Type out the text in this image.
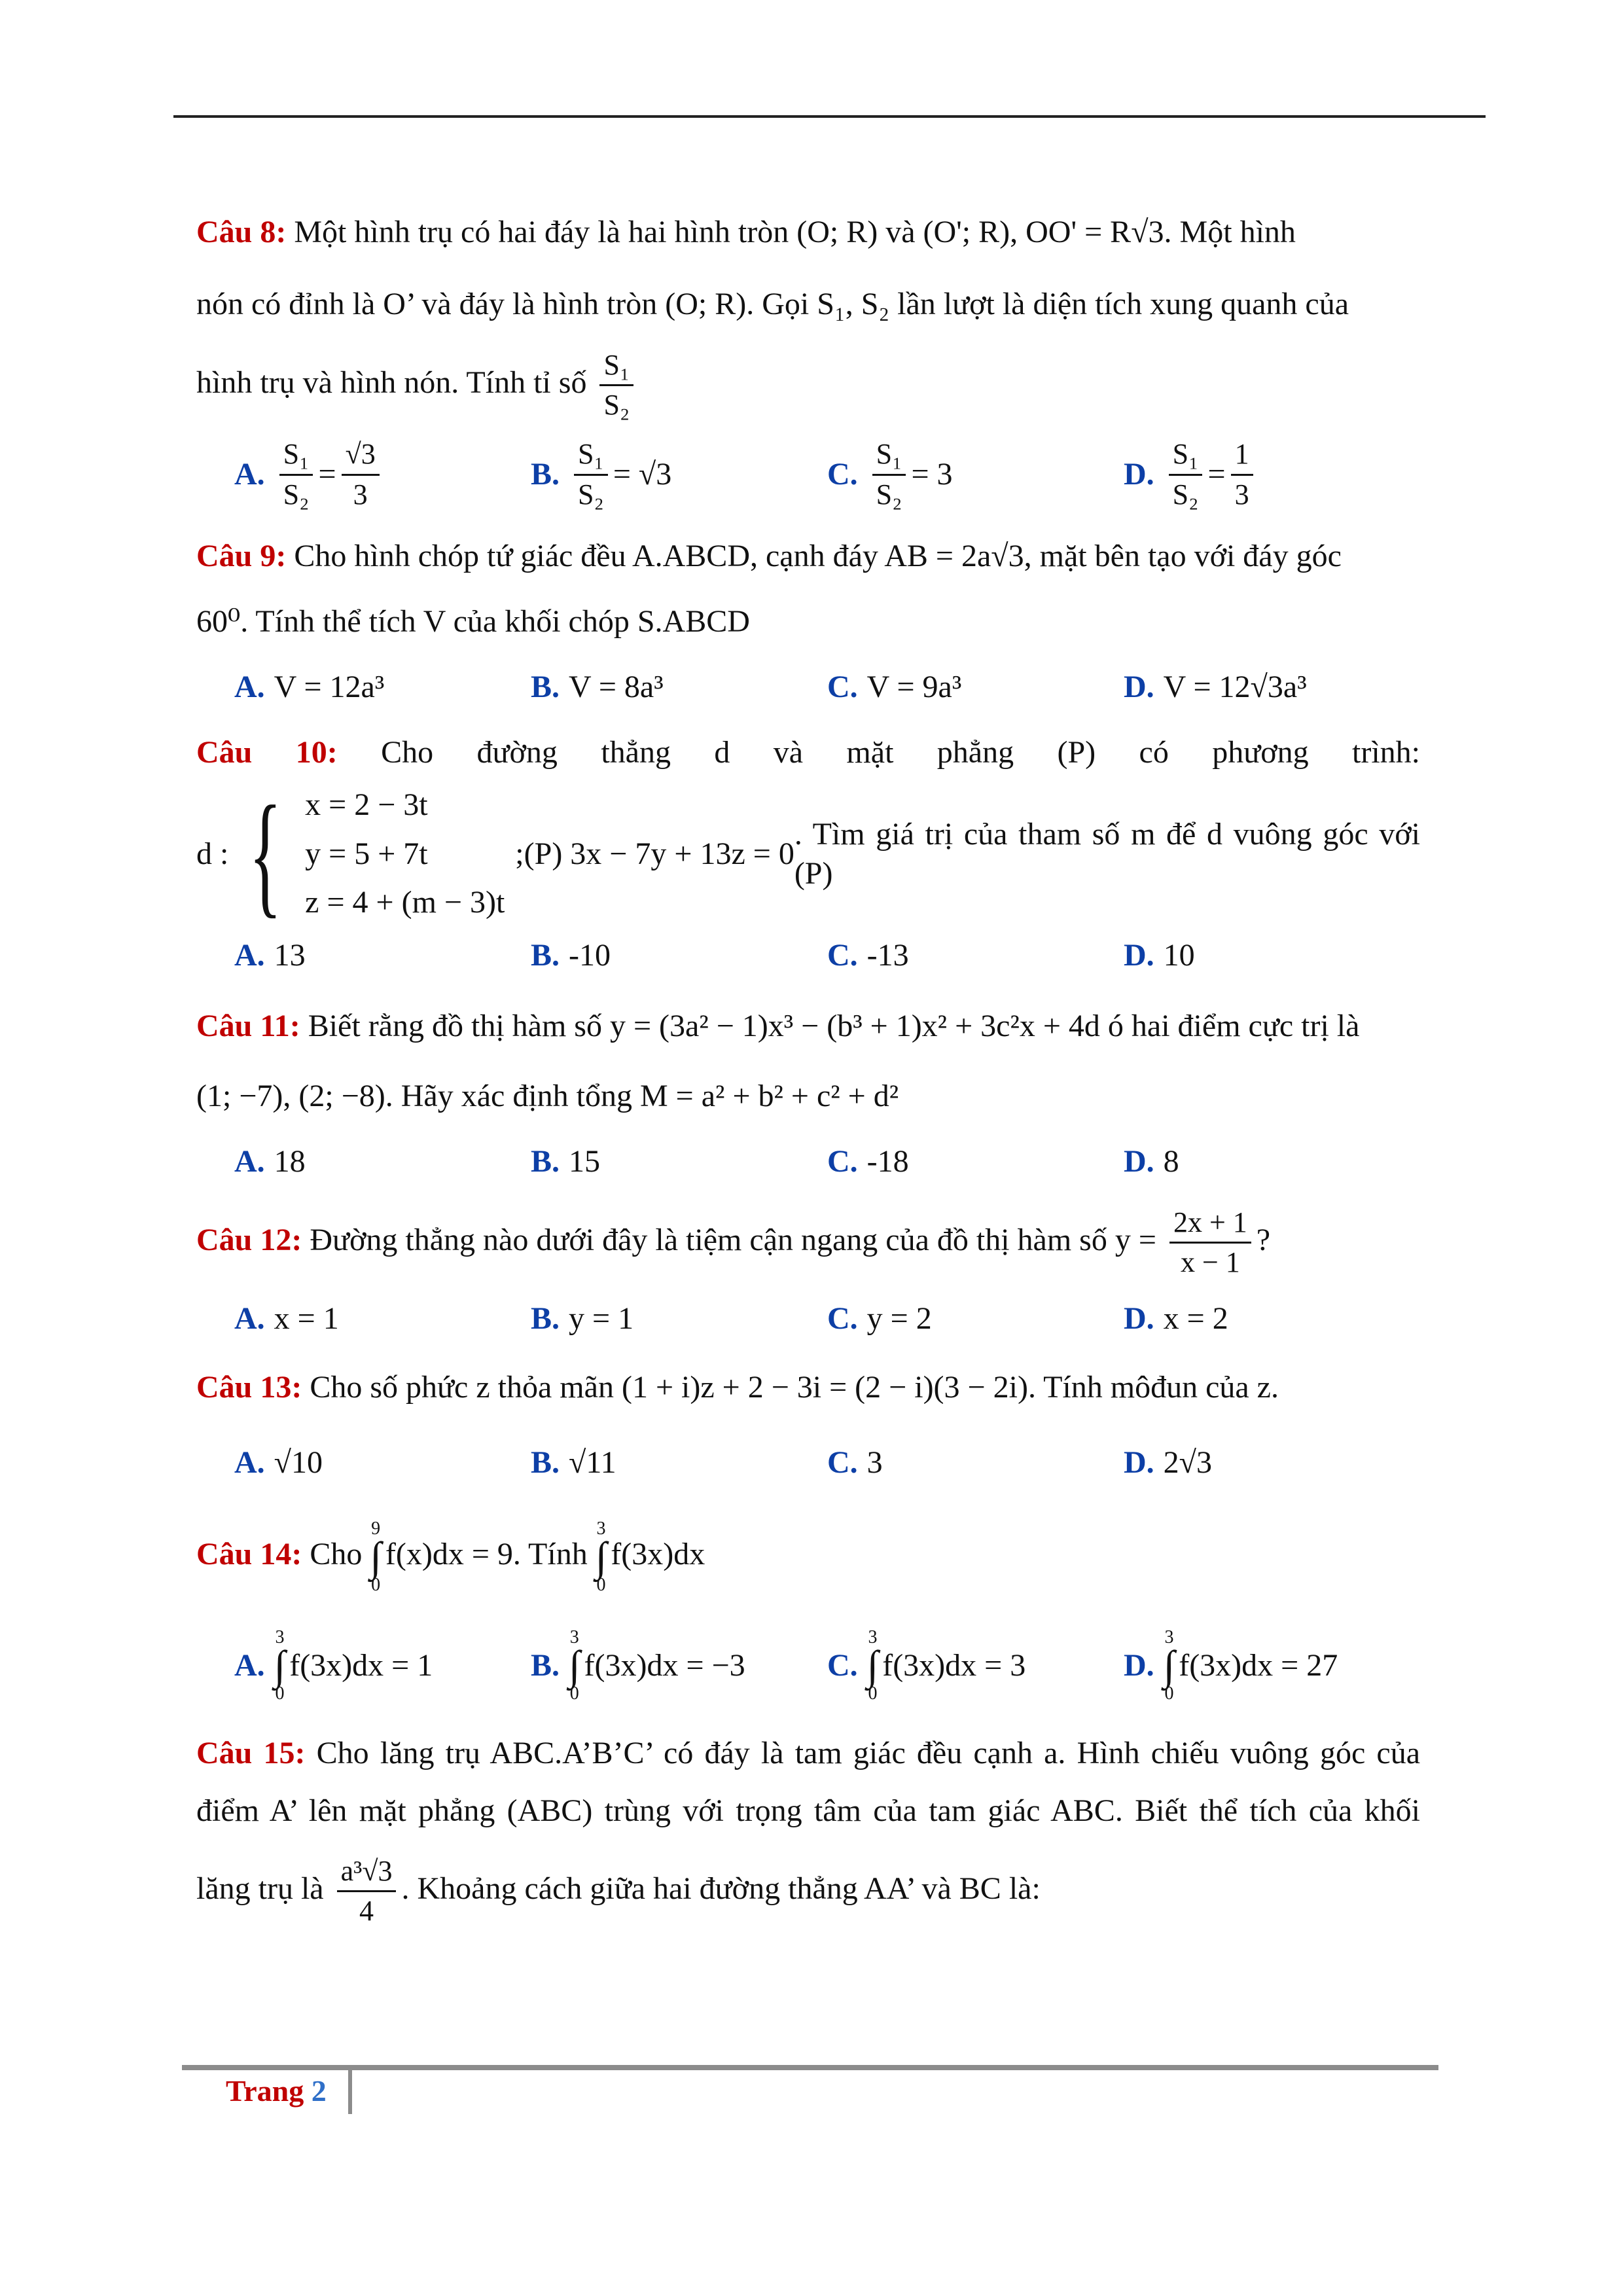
Câu 8: Một hình trụ có hai đáy là hai hình tròn (O; R) và (O'; R), OO' = R√3. Một hình
nón có đỉnh là O’ và đáy là hình tròn (O; R). Gọi S₁, S₂ lần lượt là diện tích xung quanh của
hình trụ và hình nón. Tính tỉ số $\frac{\text{S₁}}{\text{S₂}}$
A. $\frac{\text{S₁}}{\text{S₂}} = \frac{√3}{3}$	B. $\frac{\text{S₁}}{\text{S₂}} = √3$	C. $\frac{\text{S₁}}{\text{S₂}} = 3$	D. $\frac{\text{S₁}}{\text{S₂}} = \frac{1}{3}$
Câu 9: Cho hình chóp tứ giác đều A.ABCD, cạnh đáy AB = 2a√3, mặt bên tạo với đáy góc
60⁰. Tính thể tích V của khối chóp S.ABCD
A. V = 12a³	B. V = 8a³	C. V = 9a³	D. V = 12√3a³
Câu 10: Cho đường thẳng d và mặt phẳng (P) có phương trình:
d : { x = 2 − 3t
y = 5 + 7t
z = 4 + (m − 3)t
;(P) 3x − 7y + 13z = 0
. Tìm giá trị của tham số m để d vuông góc với (P)
A. 13	B. -10	C. -13	D. 10
Câu 11: Biết rằng đồ thị hàm số y = (3a² − 1)x³ − (b³ + 1)x² + 3c²x + 4d ó hai điểm cực trị là
(1; −7), (2; −8). Hãy xác định tổng M = a² + b² + c² + d²
A. 18	B. 15	C. -18	D. 8
Câu 12: Đường thẳng nào dưới đây là tiệm cận ngang của đồ thị hàm số $y = \frac{2x + 1}{x - 1}$ ?
A. x = 1	B. y = 1	C. y = 2	D. x = 2
Câu 13: Cho số phức z thỏa mãn (1 + i)z + 2 − 3i = (2 − i)(3 − 2i). Tính môđun của z.
A. √10	B. √11	C. 3	D. 2√3
Câu 14: Cho
9
∫
0
f(x)dx = 9. Tính
3
∫
0
f(3x)dx
A.
3
∫
0
f(3x)dx = 1	B.
3
∫
0
f(3x)dx = −3	C.
3
∫
0
f(3x)dx = 3	D.
3
∫
0
f(3x)dx = 27
Câu 15: Cho lăng trụ ABC.A’B’C’ có đáy là tam giác đều cạnh a. Hình chiếu vuông góc của
điểm A’ lên mặt phẳng (ABC) trùng với trọng tâm của tam giác ABC. Biết thể tích của khối
lăng trụ là $\frac{\text{a³√3}}{4}$ . Khoảng cách giữa hai đường thẳng AA’ và BC là:
Trang 2
